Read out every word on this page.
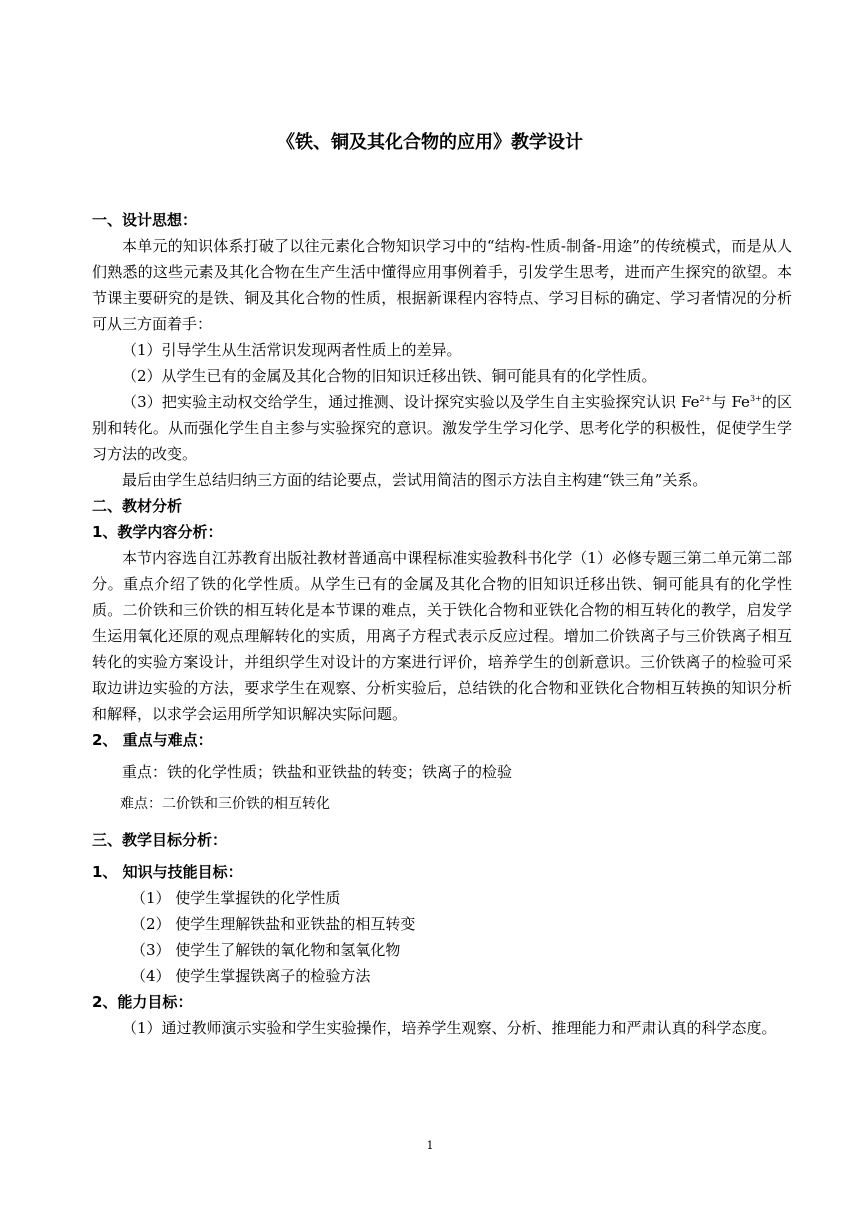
《铁、铜及其化合物的应用》教学设计
一、设计思想：
本单元的知识体系打破了以往元素化合物知识学习中的“结构-性质-制备-用途”的传统模式，而是从人们熟悉的这些元素及其化合物在生产生活中懂得应用事例着手，引发学生思考，进而产生探究的欲望。本节课主要研究的是铁、铜及其化合物的性质，根据新课程内容特点、学习目标的确定、学习者情况的分析可从三方面着手：
（1）引导学生从生活常识发现两者性质上的差异。
（2）从学生已有的金属及其化合物的旧知识迁移出铁、铜可能具有的化学性质。
（3）把实验主动权交给学生，通过推测、设计探究实验以及学生自主实验探究认识 $Fe^{2+}$与 $Fe^{3+}$的区别和转化。从而强化学生自主参与实验探究的意识。激发学生学习化学、思考化学的积极性，促使学生学习方法的改变。
最后由学生总结归纳三方面的结论要点，尝试用简洁的图示方法自主构建“铁三角”关系。
二、教材分析
1、教学内容分析：
本节内容选自江苏教育出版社教材普通高中课程标准实验教科书化学（1）必修专题三第二单元第二部分。重点介绍了铁的化学性质。从学生已有的金属及其化合物的旧知识迁移出铁、铜可能具有的化学性质。二价铁和三价铁的相互转化是本节课的难点，关于铁化合物和亚铁化合物的相互转化的教学，启发学生运用氧化还原的观点理解转化的实质，用离子方程式表示反应过程。增加二价铁离子与三价铁离子相互转化的实验方案设计，并组织学生对设计的方案进行评价，培养学生的创新意识。三价铁离子的检验可采取边讲边实验的方法，要求学生在观察、分析实验后，总结铁的化合物和亚铁化合物相互转换的知识分析和解释，以求学会运用所学知识解决实际问题。
2、 重点与难点：
重点：铁的化学性质；铁盐和亚铁盐的转变；铁离子的检验
难点：二价铁和三价铁的相互转化
三、教学目标分析：
1、 知识与技能目标：
（1） 使学生掌握铁的化学性质
（2） 使学生理解铁盐和亚铁盐的相互转变
（3） 使学生了解铁的氧化物和氢氧化物
（4） 使学生掌握铁离子的检验方法
2、能力目标：
（1）通过教师演示实验和学生实验操作，培养学生观察、分析、推理能力和严肃认真的科学态度。
1
